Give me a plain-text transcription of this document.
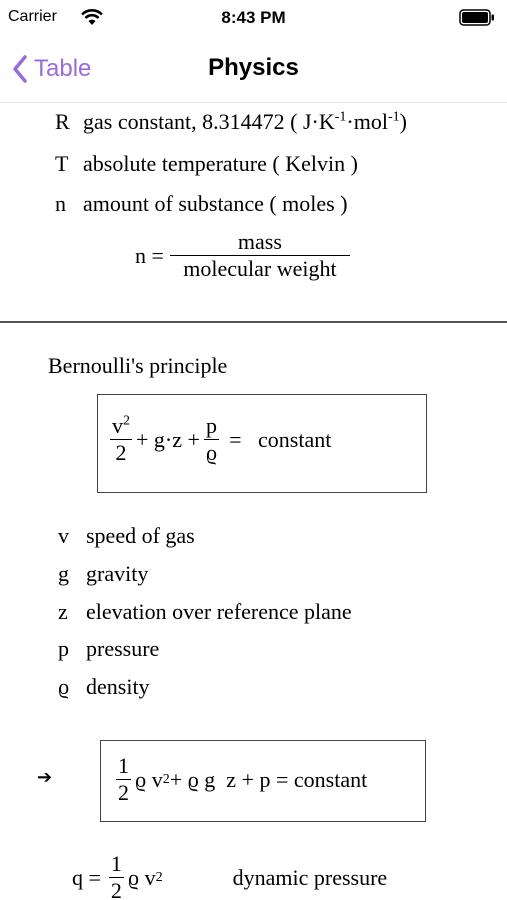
Carrier	8:43 PM
Table	Physics
R gas constant, 8.314472 ( $J\cdot K^{-1}\cdot mol^{-1}$)
T absolute temperature ( Kelvin )
n amount of substance ( moles )
$n = \frac{\text{mass}}{\text{molecular weight}}$
Bernoulli's principle
$\frac{v^2}{2} + g\cdot z + \frac{p}{ϱ}$ =   constant
v speed of gas
g gravity
z elevation over reference plane
p pressure
ϱ density
➔	$\frac{1}{2}$ ϱ v 2 + ϱ g  z + p = constant
$q = \frac{1}{2}$ ϱ v 2	dynamic pressure
